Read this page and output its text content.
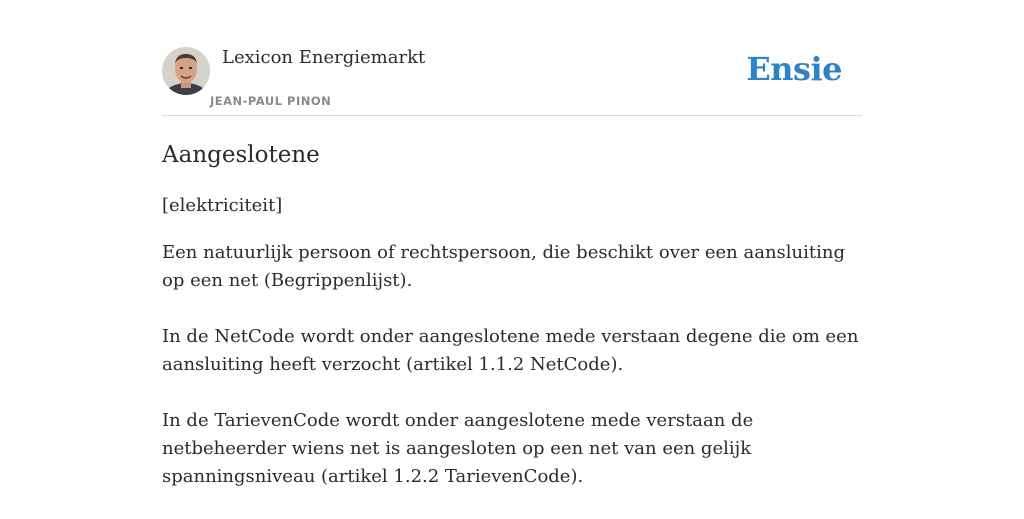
Lexicon Energiemarkt
JEAN-PAUL PINON
Ensie
Aangeslotene

[elektriciteit]

Een natuurlijk persoon of rechtspersoon, die beschikt over een aansluiting op een net (Begrippenlijst).

In de NetCode wordt onder aangeslotene mede verstaan degene die om een aansluiting heeft verzocht (artikel 1.1.2 NetCode).

In de TarievenCode wordt onder aangeslotene mede verstaan de netbeheerder wiens net is aangesloten op een net van een gelijk spanningsniveau (artikel 1.2.2 TarievenCode).
